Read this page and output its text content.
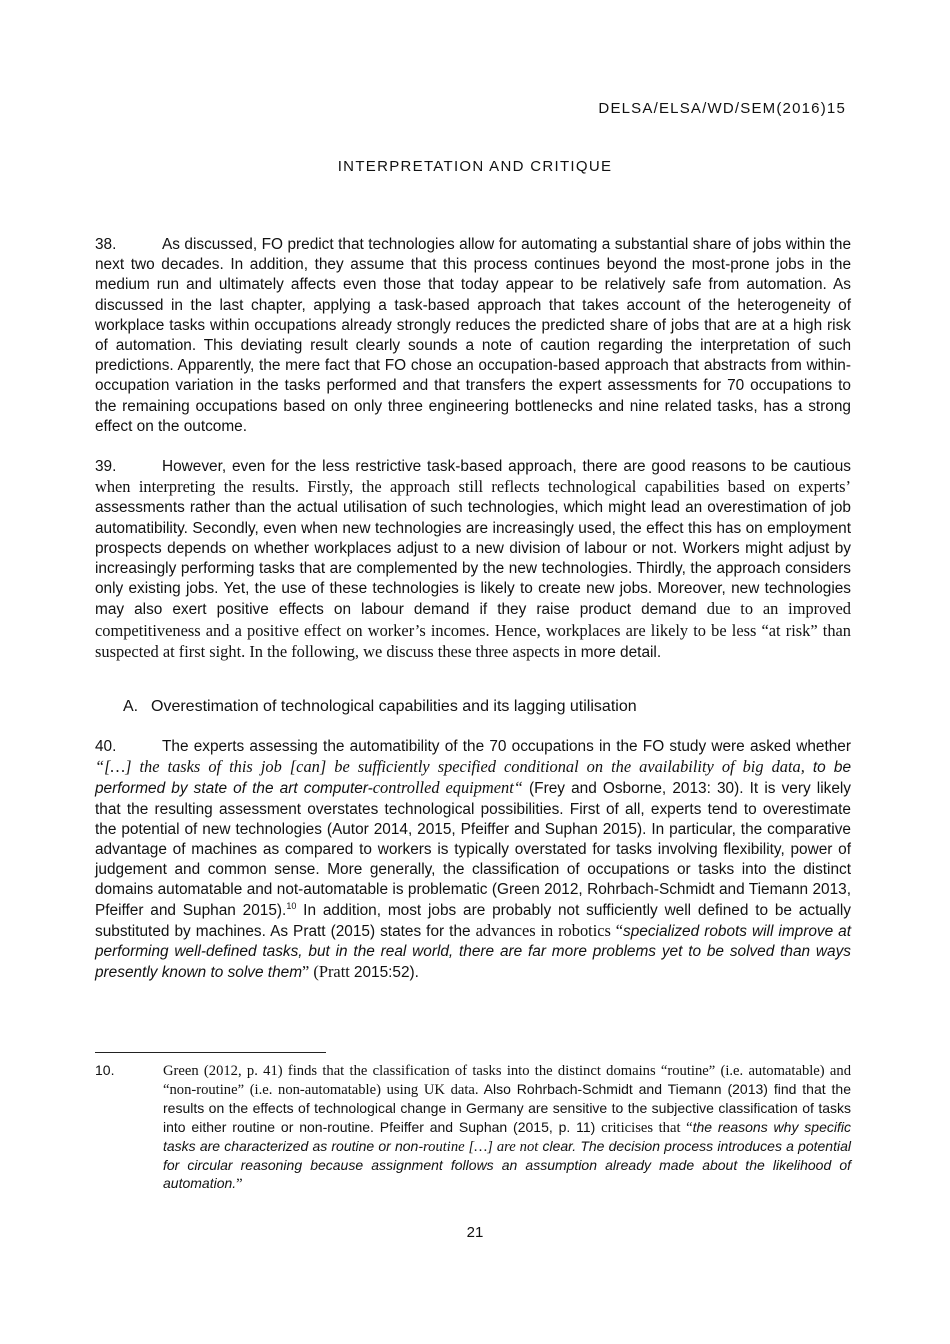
DELSA/ELSA/WD/SEM(2016)15
INTERPRETATION AND CRITIQUE
38.	As discussed, FO predict that technologies allow for automating a substantial share of jobs within the next two decades. In addition, they assume that this process continues beyond the most-prone jobs in the medium run and ultimately affects even those that today appear to be relatively safe from automation. As discussed in the last chapter, applying a task-based approach that takes account of the heterogeneity of workplace tasks within occupations already strongly reduces the predicted share of jobs that are at a high risk of automation. This deviating result clearly sounds a note of caution regarding the interpretation of such predictions. Apparently, the mere fact that FO chose an occupation-based approach that abstracts from within-occupation variation in the tasks performed and that transfers the expert assessments for 70 occupations to the remaining occupations based on only three engineering bottlenecks and nine related tasks, has a strong effect on the outcome.
39.	However, even for the less restrictive task-based approach, there are good reasons to be cautious when interpreting the results. Firstly, the approach still reflects technological capabilities based on experts’ assessments rather than the actual utilisation of such technologies, which might lead an overestimation of job automatibility. Secondly, even when new technologies are increasingly used, the effect this has on employment prospects depends on whether workplaces adjust to a new division of labour or not. Workers might adjust by increasingly performing tasks that are complemented by the new technologies. Thirdly, the approach considers only existing jobs. Yet, the use of these technologies is likely to create new jobs. Moreover, new technologies may also exert positive effects on labour demand if they raise product demand due to an improved competitiveness and a positive effect on worker’s incomes. Hence, workplaces are likely to be less “at risk” than suspected at first sight. In the following, we discuss these three aspects in more detail.
A. Overestimation of technological capabilities and its lagging utilisation
40.	The experts assessing the automatibility of the 70 occupations in the FO study were asked whether “[…] the tasks of this job [can] be sufficiently specified conditional on the availability of big data, to be performed by state of the art computer-controlled equipment“ (Frey and Osborne, 2013: 30). It is very likely that the resulting assessment overstates technological possibilities. First of all, experts tend to overestimate the potential of new technologies (Autor 2014, 2015, Pfeiffer and Suphan 2015). In particular, the comparative advantage of machines as compared to workers is typically overstated for tasks involving flexibility, power of judgement and common sense. More generally, the classification of occupations or tasks into the distinct domains automatable and not-automatable is problematic (Green 2012, Rohrbach-Schmidt and Tiemann 2013, Pfeiffer and Suphan 2015).$^{10}$ In addition, most jobs are probably not sufficiently well defined to be actually substituted by machines. As Pratt (2015) states for the advances in robotics “specialized robots will improve at performing well-defined tasks, but in the real world, there are far more problems yet to be solved than ways presently known to solve them” (Pratt 2015:52).
10.	Green (2012, p. 41) finds that the classification of tasks into the distinct domains “routine” (i.e. automatable) and “non-routine” (i.e. non-automatable) using UK data. Also Rohrbach-Schmidt and Tiemann (2013) find that the results on the effects of technological change in Germany are sensitive to the subjective classification of tasks into either routine or non-routine. Pfeiffer and Suphan (2015, p. 11) criticises that “the reasons why specific tasks are characterized as routine or non-routine […] are not clear. The decision process introduces a potential for circular reasoning because assignment follows an assumption already made about the likelihood of automation.”
21
